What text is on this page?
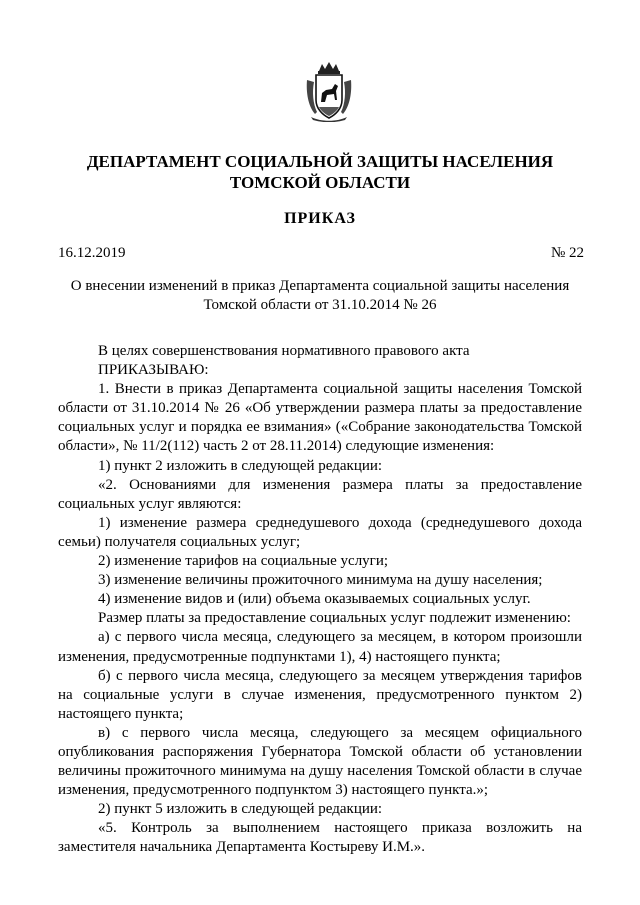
ДЕПАРТАМЕНТ СОЦИАЛЬНОЙ ЗАЩИТЫ НАСЕЛЕНИЯ
ТОМСКОЙ ОБЛАСТИ
ПРИКАЗ
16.12.2019	№ 22
О внесении изменений в приказ Департамента социальной защиты населения
Томской области от 31.10.2014 № 26

В целях совершенствования нормативного правового акта

ПРИКАЗЫВАЮ:

1. Внести в приказ Департамента социальной защиты населения Томской области от 31.10.2014 № 26 «Об утверждении размера платы за предоставление социальных услуг и порядка ее взимания» («Собрание законодательства Томской области», № 11/2(112) часть 2 от 28.11.2014) следующие изменения:

1) пункт 2 изложить в следующей редакции:

«2. Основаниями для изменения размера платы за предоставление социальных услуг являются:

1) изменение размера среднедушевого дохода (среднедушевого дохода семьи) получателя социальных услуг;

2) изменение тарифов на социальные услуги;

3) изменение величины прожиточного минимума на душу населения;

4) изменение видов и (или) объема оказываемых социальных услуг.

Размер платы за предоставление социальных услуг подлежит изменению:

а) с первого числа месяца, следующего за месяцем, в котором произошли изменения, предусмотренные подпунктами 1), 4) настоящего пункта;

б) с первого числа месяца, следующего за месяцем утверждения тарифов на социальные услуги в случае изменения, предусмотренного пунктом 2) настоящего пункта;

в) с первого числа месяца, следующего за месяцем официального опубликования распоряжения Губернатора Томской области об установлении величины прожиточного минимума на душу населения Томской области в случае изменения, предусмотренного подпунктом 3) настоящего пункта.»;

2) пункт 5 изложить в следующей редакции:

«5. Контроль за выполнением настоящего приказа возложить на заместителя начальника Департамента Костыреву И.М.».
